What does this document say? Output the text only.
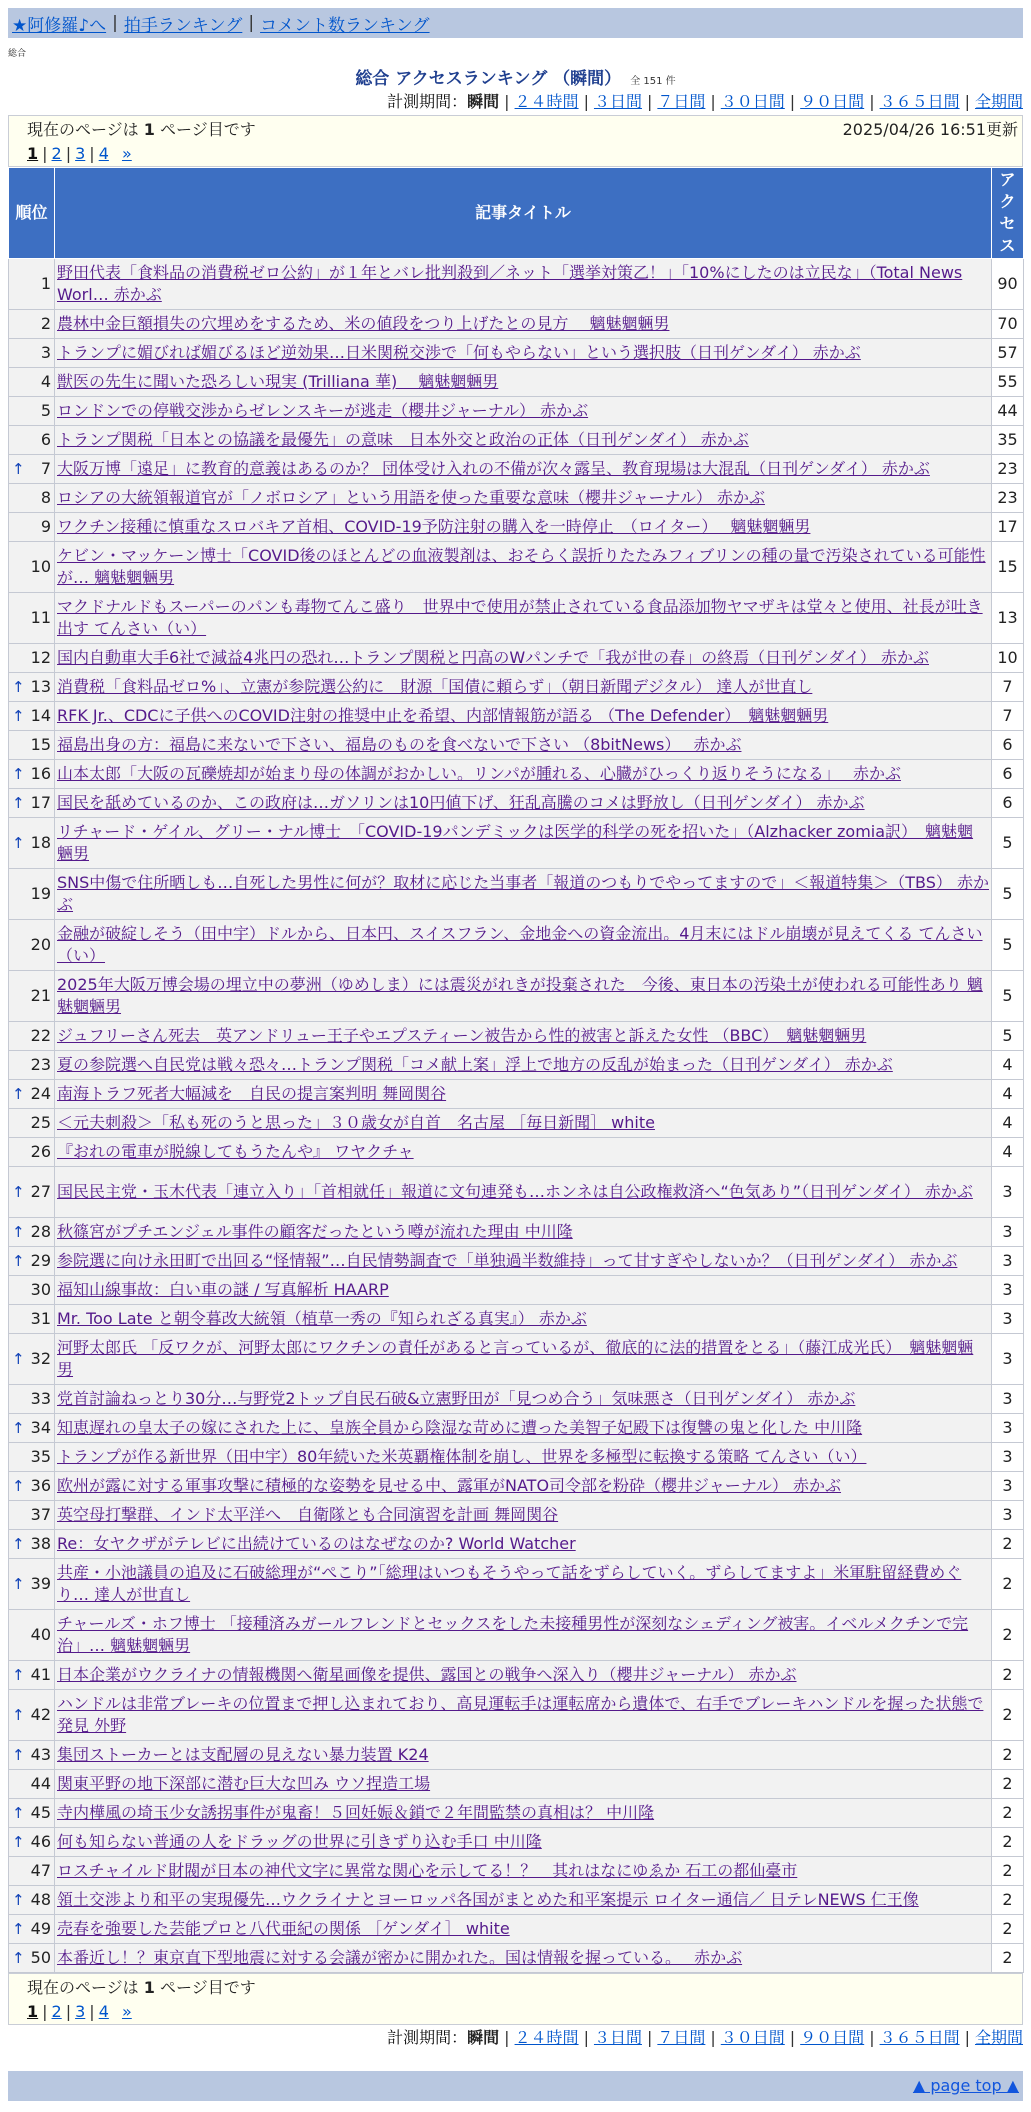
★阿修羅♪へ | 拍手ランキング | コメント数ランキング
総合
総合 アクセスランキング （瞬間） 全 151 件
計測期間：瞬間 | ２４時間 | ３日間 | ７日間 | ３０日間 | ９０日間 | ３６５日間 | 全期間
現在のページは 1 ページ目です	2025/04/26 16:51更新
1 | 2 | 3 | 4 »
順位	記事タイトル	アクセス
1	野田代表「食料品の消費税ゼロ公約」が１年とバレ批判殺到／ネット「選挙対策乙！」「10%にしたのは立民な」（Total News Worl… 赤かぶ	90
2	農林中金巨額損失の穴埋めをするため、米の値段をつり上げたとの見方　 魑魅魍魎男	70
3	トランプに媚びれば媚びるほど逆効果…日米関税交渉で「何もやらない」という選択肢（日刊ゲンダイ） 赤かぶ	57
4	獣医の先生に聞いた恐ろしい現実 (Trilliana 華)　 魑魅魍魎男	55
5	ロンドンでの停戦交渉からゼレンスキーが逃走（櫻井ジャーナル） 赤かぶ	44
6	トランプ関税「日本との協議を最優先」の意味　日本外交と政治の正体（日刊ゲンダイ） 赤かぶ	35

↑ 7	大阪万博「遠足」に教育的意義はあるのか？ 団体受け入れの不備が次々露呈、教育現場は大混乱（日刊ゲンダイ） 赤かぶ	23
8	ロシアの大統領報道官が「ノボロシア」という用語を使った重要な意味（櫻井ジャーナル） 赤かぶ	23
9	ワクチン接種に慎重なスロバキア首相、COVID-19予防注射の購入を一時停止　（ロイター）　 魑魅魍魎男	17
10	ケビン・マッケーン博士「COVID後のほとんどの血液製剤は、おそらく誤折りたたみフィブリンの種の量で汚染されている可能性が… 魑魅魍魎男	15
11	マクドナルドもスーパーのパンも毒物てんこ盛り　世界中で使用が禁止されている食品添加物ヤマザキは堂々と使用、社長が吐き出す てんさい（い）	13
12	国内自動車大手6社で減益4兆円の恐れ…トランプ関税と円高のWパンチで「我が世の春」の終焉（日刊ゲンダイ） 赤かぶ	10

↑ 13	消費税「食料品ゼロ%」、立憲が参院選公約に　財源「国債に頼らず」（朝日新聞デジタル） 達人が世直し	7

↑ 14	RFK Jr.、CDCに子供へのCOVID注射の推奨中止を希望、内部情報筋が語る （The Defender）　魑魅魍魎男	7
15	福島出身の方：福島に来ないで下さい、福島のものを食べないで下さい （8bitNews）　 赤かぶ	6

↑ 16	山本太郎「大阪の瓦礫焼却が始まり母の体調がおかしい。リンパが腫れる、心臓がひっくり返りそうになる」　 赤かぶ	6

↑ 17	国民を舐めているのか、この政府は…ガソリンは10円値下げ、狂乱高騰のコメは野放し（日刊ゲンダイ） 赤かぶ	6

↑ 18	リチャード・ゲイル、グリー・ナル博士　「COVID-19パンデミックは医学的科学の死を招いた」（Alzhacker zomia訳）　魑魅魍魎男	5
19	SNS中傷で住所晒しも…自死した男性に何が？取材に応じた当事者「報道のつもりでやってますので」＜報道特集＞（TBS） 赤かぶ	5
20	金融が破綻しそう（田中宇）ドルから、日本円、スイスフラン、金地金への資金流出。4月末にはドル崩壊が見えてくる てんさい（い）	5
21	2025年大阪万博会場の埋立中の夢洲（ゆめしま）には震災がれきが投棄された　今後、東日本の汚染土が使われる可能性あり 魑魅魍魎男	5
22	ジュフリーさん死去　英アンドリュー王子やエプスティーン被告から性的被害と訴えた女性 （BBC）　魑魅魍魎男	5
23	夏の参院選へ自民党は戦々恐々…トランプ関税「コメ献上案」浮上で地方の反乱が始まった（日刊ゲンダイ） 赤かぶ	4

↑ 24	南海トラフ死者大幅減を　自民の提言案判明 舞岡関谷	4
25	＜元夫刺殺＞「私も死のうと思った」３０歳女が自首　名古屋 ［毎日新聞］ white	4
26	『おれの電車が脱線してもうたんや』 ワヤクチャ	4

↑ 27	国民民主党・玉木代表「連立入り」「首相就任」報道に文句連発も…ホンネは自公政権救済へ“色気あり”（日刊ゲンダイ） 赤かぶ	3

↑ 28	秋篠宮がプチエンジェル事件の顧客だったという噂が流れた理由 中川隆	3

↑ 29	参院選に向け永田町で出回る“怪情報”…自民情勢調査で「単独過半数維持」って甘すぎやしないか？（日刊ゲンダイ） 赤かぶ	3
30	福知山線事故：白い車の謎 / 写真解析 HAARP	3
31	Mr. Too Late と朝令暮改大統領（植草一秀の『知られざる真実』） 赤かぶ	3

↑ 32	河野太郎氏 「反ワクが、河野太郎にワクチンの責任があると言っているが、徹底的に法的措置をとる」（藤江成光氏）　魑魅魍魎男	3
33	党首討論ねっとり30分…与野党2トップ自民石破&立憲野田が「見つめ合う」気味悪さ（日刊ゲンダイ） 赤かぶ	3

↑ 34	知恵遅れの皇太子の嫁にされた上に、皇族全員から陰湿な苛めに遭った美智子妃殿下は復讐の鬼と化した 中川隆	3
35	トランプが作る新世界（田中宇）80年続いた米英覇権体制を崩し、世界を多極型に転換する策略 てんさい（い）	3

↑ 36	欧州が露に対する軍事攻撃に積極的な姿勢を見せる中、露軍がNATO司令部を粉砕（櫻井ジャーナル） 赤かぶ	3
37	英空母打撃群、インド太平洋へ　自衛隊とも合同演習を計画 舞岡関谷	3

↑ 38	Re：女ヤクザがテレビに出続けているのはなぜなのか? World Watcher	2

↑ 39	共産・小池議員の追及に石破総理が“ぺこり”「総理はいつもそうやって話をずらしていく。ずらしてますよ」米軍駐留経費めぐり… 達人が世直し	2
40	チャールズ・ホフ博士 「接種済みガールフレンドとセックスをした未接種男性が深刻なシェディング被害。イベルメクチンで完治」… 魑魅魍魎男	2

↑ 41	日本企業がウクライナの情報機関へ衛星画像を提供、露国との戦争へ深入り（櫻井ジャーナル） 赤かぶ	2

↑ 42	ハンドルは非常ブレーキの位置まで押し込まれており、高見運転手は運転席から遺体で、右手でブレーキハンドルを握った状態で発見 外野	2

↑ 43	集団ストーカーとは支配層の見えない暴力装置 K24	2
44	関東平野の地下深部に潜む巨大な凹み ウソ捏造工場	2

↑ 45	寺内樺風の埼玉少女誘拐事件が鬼畜！５回妊娠＆鎖で２年間監禁の真相は？ 中川隆	2

↑ 46	何も知らない普通の人をドラッグの世界に引きずり込む手口 中川隆	2
47	ロスチャイルド財閥が日本の神代文字に異常な関心を示してる！？　其れはなにゆゑか 石工の都仙臺市	2

↑ 48	領土交渉より和平の実現優先…ウクライナとヨーロッパ各国がまとめた和平案提示 ロイター通信／ 日テレNEWS 仁王像	2

↑ 49	売春を強要した芸能プロと八代亜紀の関係 ［ゲンダイ］ white	2

↑ 50	本番近し！？東京直下型地震に対する会議が密かに開かれた。国は情報を握っている。　 赤かぶ	2
現在のページは 1 ページ目です
1 | 2 | 3 | 4 »
計測期間：瞬間 | ２４時間 | ３日間 | ７日間 | ３０日間 | ９０日間 | ３６５日間 | 全期間
▲ page top ▲
